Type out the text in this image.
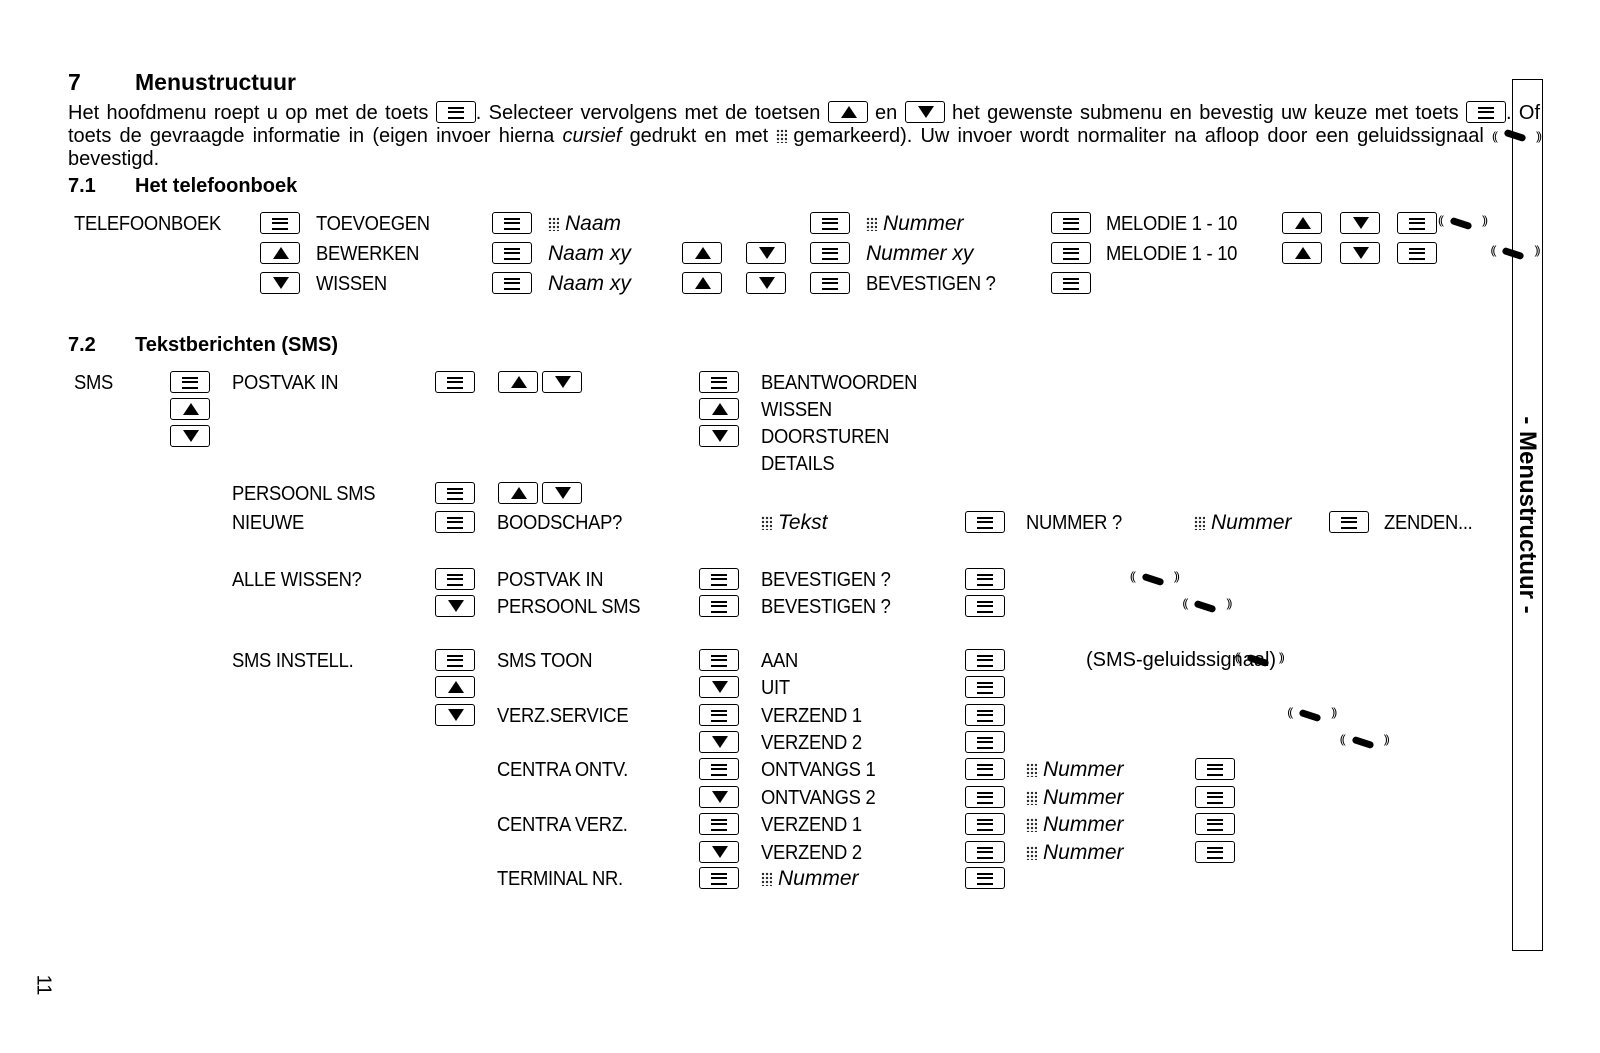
7 Menustructuur
Het hoofdmenu roept u op met de toets . Selecteer vervolgens met de toetsen	en	het gewenste submenu en bevestig uw keuze met toets . Of toets de gevraagde informatie in (eigen invoer hierna cursief gedrukt en met gemarkeerd). Uw invoer wordt normaliter na afloop door een geluidssignaal ((
)) bevestigd.
7.1 Het telefoonboek
TELEFOONBOEK	TOEVOEGEN	Naam	Nummer	MELODIE 1 - 10
((
))
BEWERKEN	Naam xy	Nummer xy	MELODIE 1 - 10
((
))
WISSEN	Naam xy	BEVESTIGEN ?
7.2 Tekstberichten (SMS)
SMS	POSTVAK IN	BEANTWOORDEN
WISSEN
DOORSTUREN
DETAILS
PERSOONL SMS
NIEUWE	BOODSCHAP?	Tekst	NUMMER ?	Nummer	ZENDEN...
ALLE WISSEN?	POSTVAK IN	BEVESTIGEN ?
((
))
PERSOONL SMS	BEVESTIGEN ?
((
))
SMS INSTELL.	SMS TOON	AAN
((
))	(SMS-geluidssignaal)
UIT
VERZ.SERVICE	VERZEND 1
((
))
VERZEND 2
((
))
CENTRA ONTV.	ONTVANGS 1	Nummer

ONTVANGS 2	Nummer

CENTRA VERZ.	VERZEND 1	Nummer

VERZEND 2	Nummer

TERMINAL NR.	Nummer
- Menustructuur -
11
